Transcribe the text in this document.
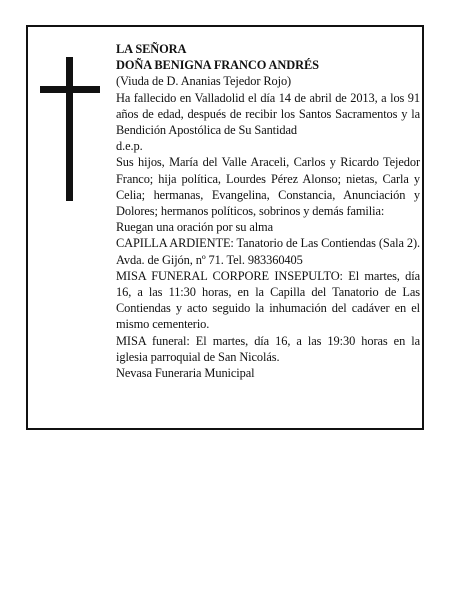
LA SEÑORA

DOÑA BENIGNA FRANCO ANDRÉS

(Viuda de D. Ananias Tejedor Rojo)

Ha fallecido en Valladolid el día 14 de abril de 2013, a los 91 años de edad, después de recibir los Santos Sacramentos y la Bendición Apostólica de Su Santidad

d.e.p.

Sus hijos, María del Valle Araceli, Carlos y Ricardo Tejedor Franco; hija política, Lourdes Pérez Alonso; nietas, Carla y Celia; hermanas, Evangelina, Constancia, Anunciación y Dolores; hermanos políticos, sobrinos y demás familia:

Ruegan una oración por su alma

CAPILLA ARDIENTE: Tanatorio de Las Contiendas (Sala 2). Avda. de Gijón, nº 71. Tel. 983360405

MISA FUNERAL CORPORE INSEPULTO: El martes, día 16, a las 11:30 horas, en la Capilla del Tanatorio de Las Contiendas y acto seguido la inhumación del cadáver en el mismo cementerio.

MISA funeral: El martes, día 16, a las 19:30 horas en la iglesia parroquial de San Nicolás.

Nevasa Funeraria Municipal
